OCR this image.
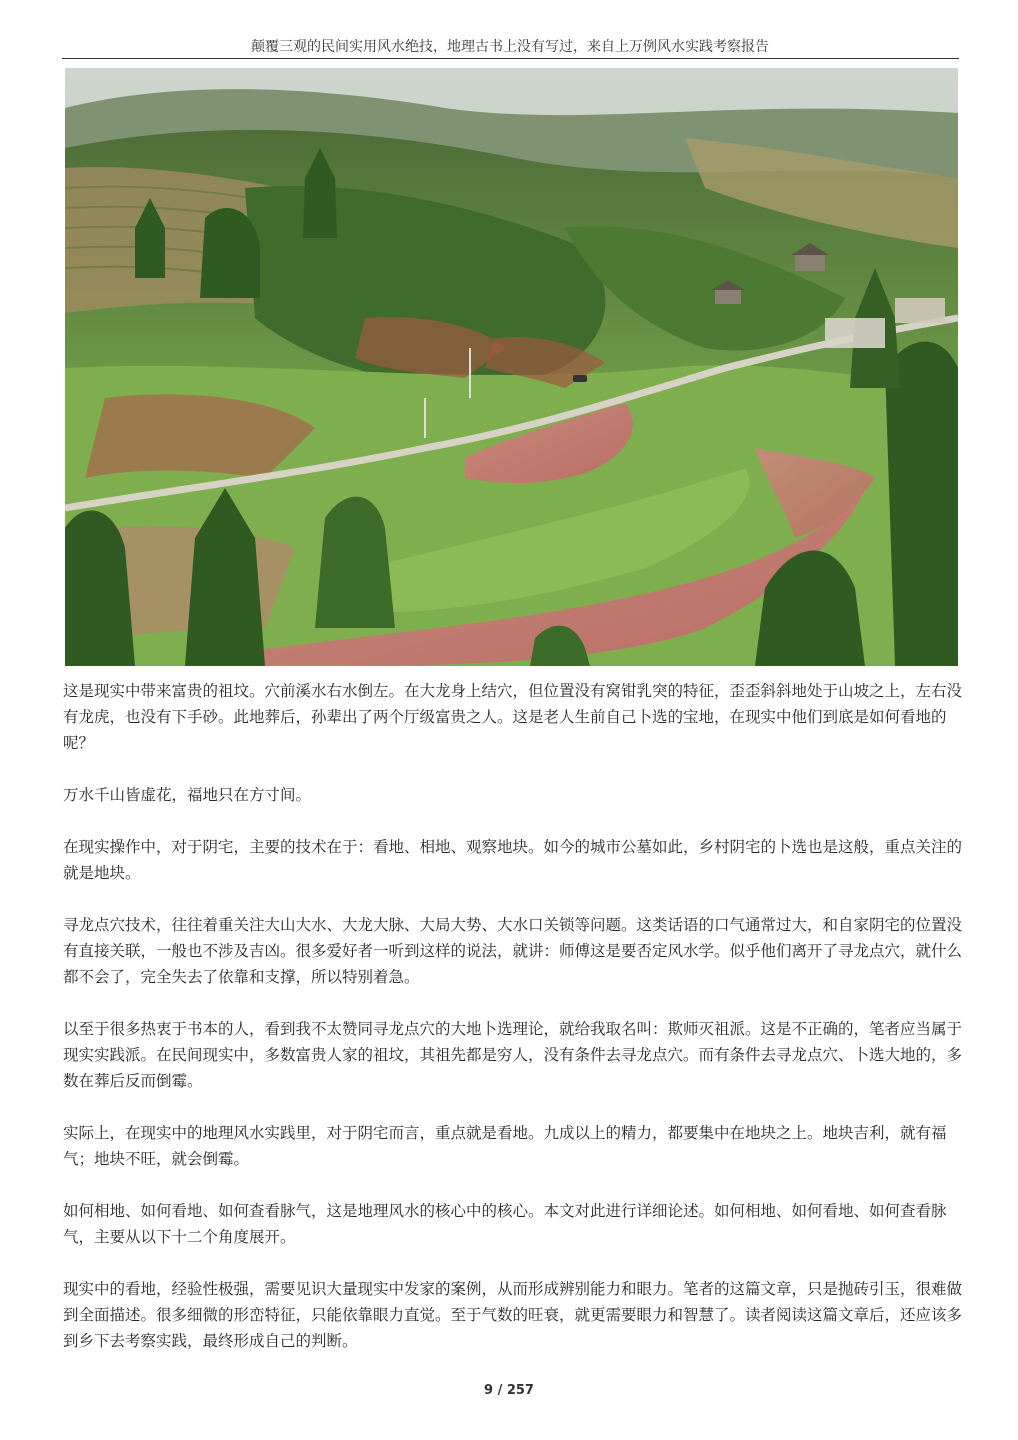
颠覆三观的民间实用风水绝技，地理古书上没有写过，来自上万例风水实践考察报告

这是现实中带来富贵的祖坟。穴前溪水右水倒左。在大龙身上结穴，但位置没有窝钳乳突的特征，歪歪斜斜地处于山坡之上，左右没有龙虎，也没有下手砂。此地葬后，孙辈出了两个厅级富贵之人。这是老人生前自己卜选的宝地，在现实中他们到底是如何看地的呢？

万水千山皆虚花，福地只在方寸间。

在现实操作中，对于阴宅，主要的技术在于：看地、相地、观察地块。如今的城市公墓如此，乡村阴宅的卜选也是这般，重点关注的就是地块。

寻龙点穴技术，往往着重关注大山大水、大龙大脉、大局大势、大水口关锁等问题。这类话语的口气通常过大，和自家阴宅的位置没有直接关联，一般也不涉及吉凶。很多爱好者一听到这样的说法，就讲：师傅这是要否定风水学。似乎他们离开了寻龙点穴，就什么都不会了，完全失去了依靠和支撑，所以特别着急。

以至于很多热衷于书本的人，看到我不太赞同寻龙点穴的大地卜选理论，就给我取名叫：欺师灭祖派。这是不正确的，笔者应当属于现实实践派。在民间现实中，多数富贵人家的祖坟，其祖先都是穷人，没有条件去寻龙点穴。而有条件去寻龙点穴、卜选大地的，多数在葬后反而倒霉。

实际上，在现实中的地理风水实践里，对于阴宅而言，重点就是看地。九成以上的精力，都要集中在地块之上。地块吉利，就有福气；地块不旺，就会倒霉。

如何相地、如何看地、如何查看脉气，这是地理风水的核心中的核心。本文对此进行详细论述。如何相地、如何看地、如何查看脉气，主要从以下十二个角度展开。

现实中的看地，经验性极强，需要见识大量现实中发家的案例，从而形成辨别能力和眼力。笔者的这篇文章，只是抛砖引玉，很难做到全面描述。很多细微的形峦特征，只能依靠眼力直觉。至于气数的旺衰，就更需要眼力和智慧了。读者阅读这篇文章后，还应该多到乡下去考察实践，最终形成自己的判断。

9 / 257
